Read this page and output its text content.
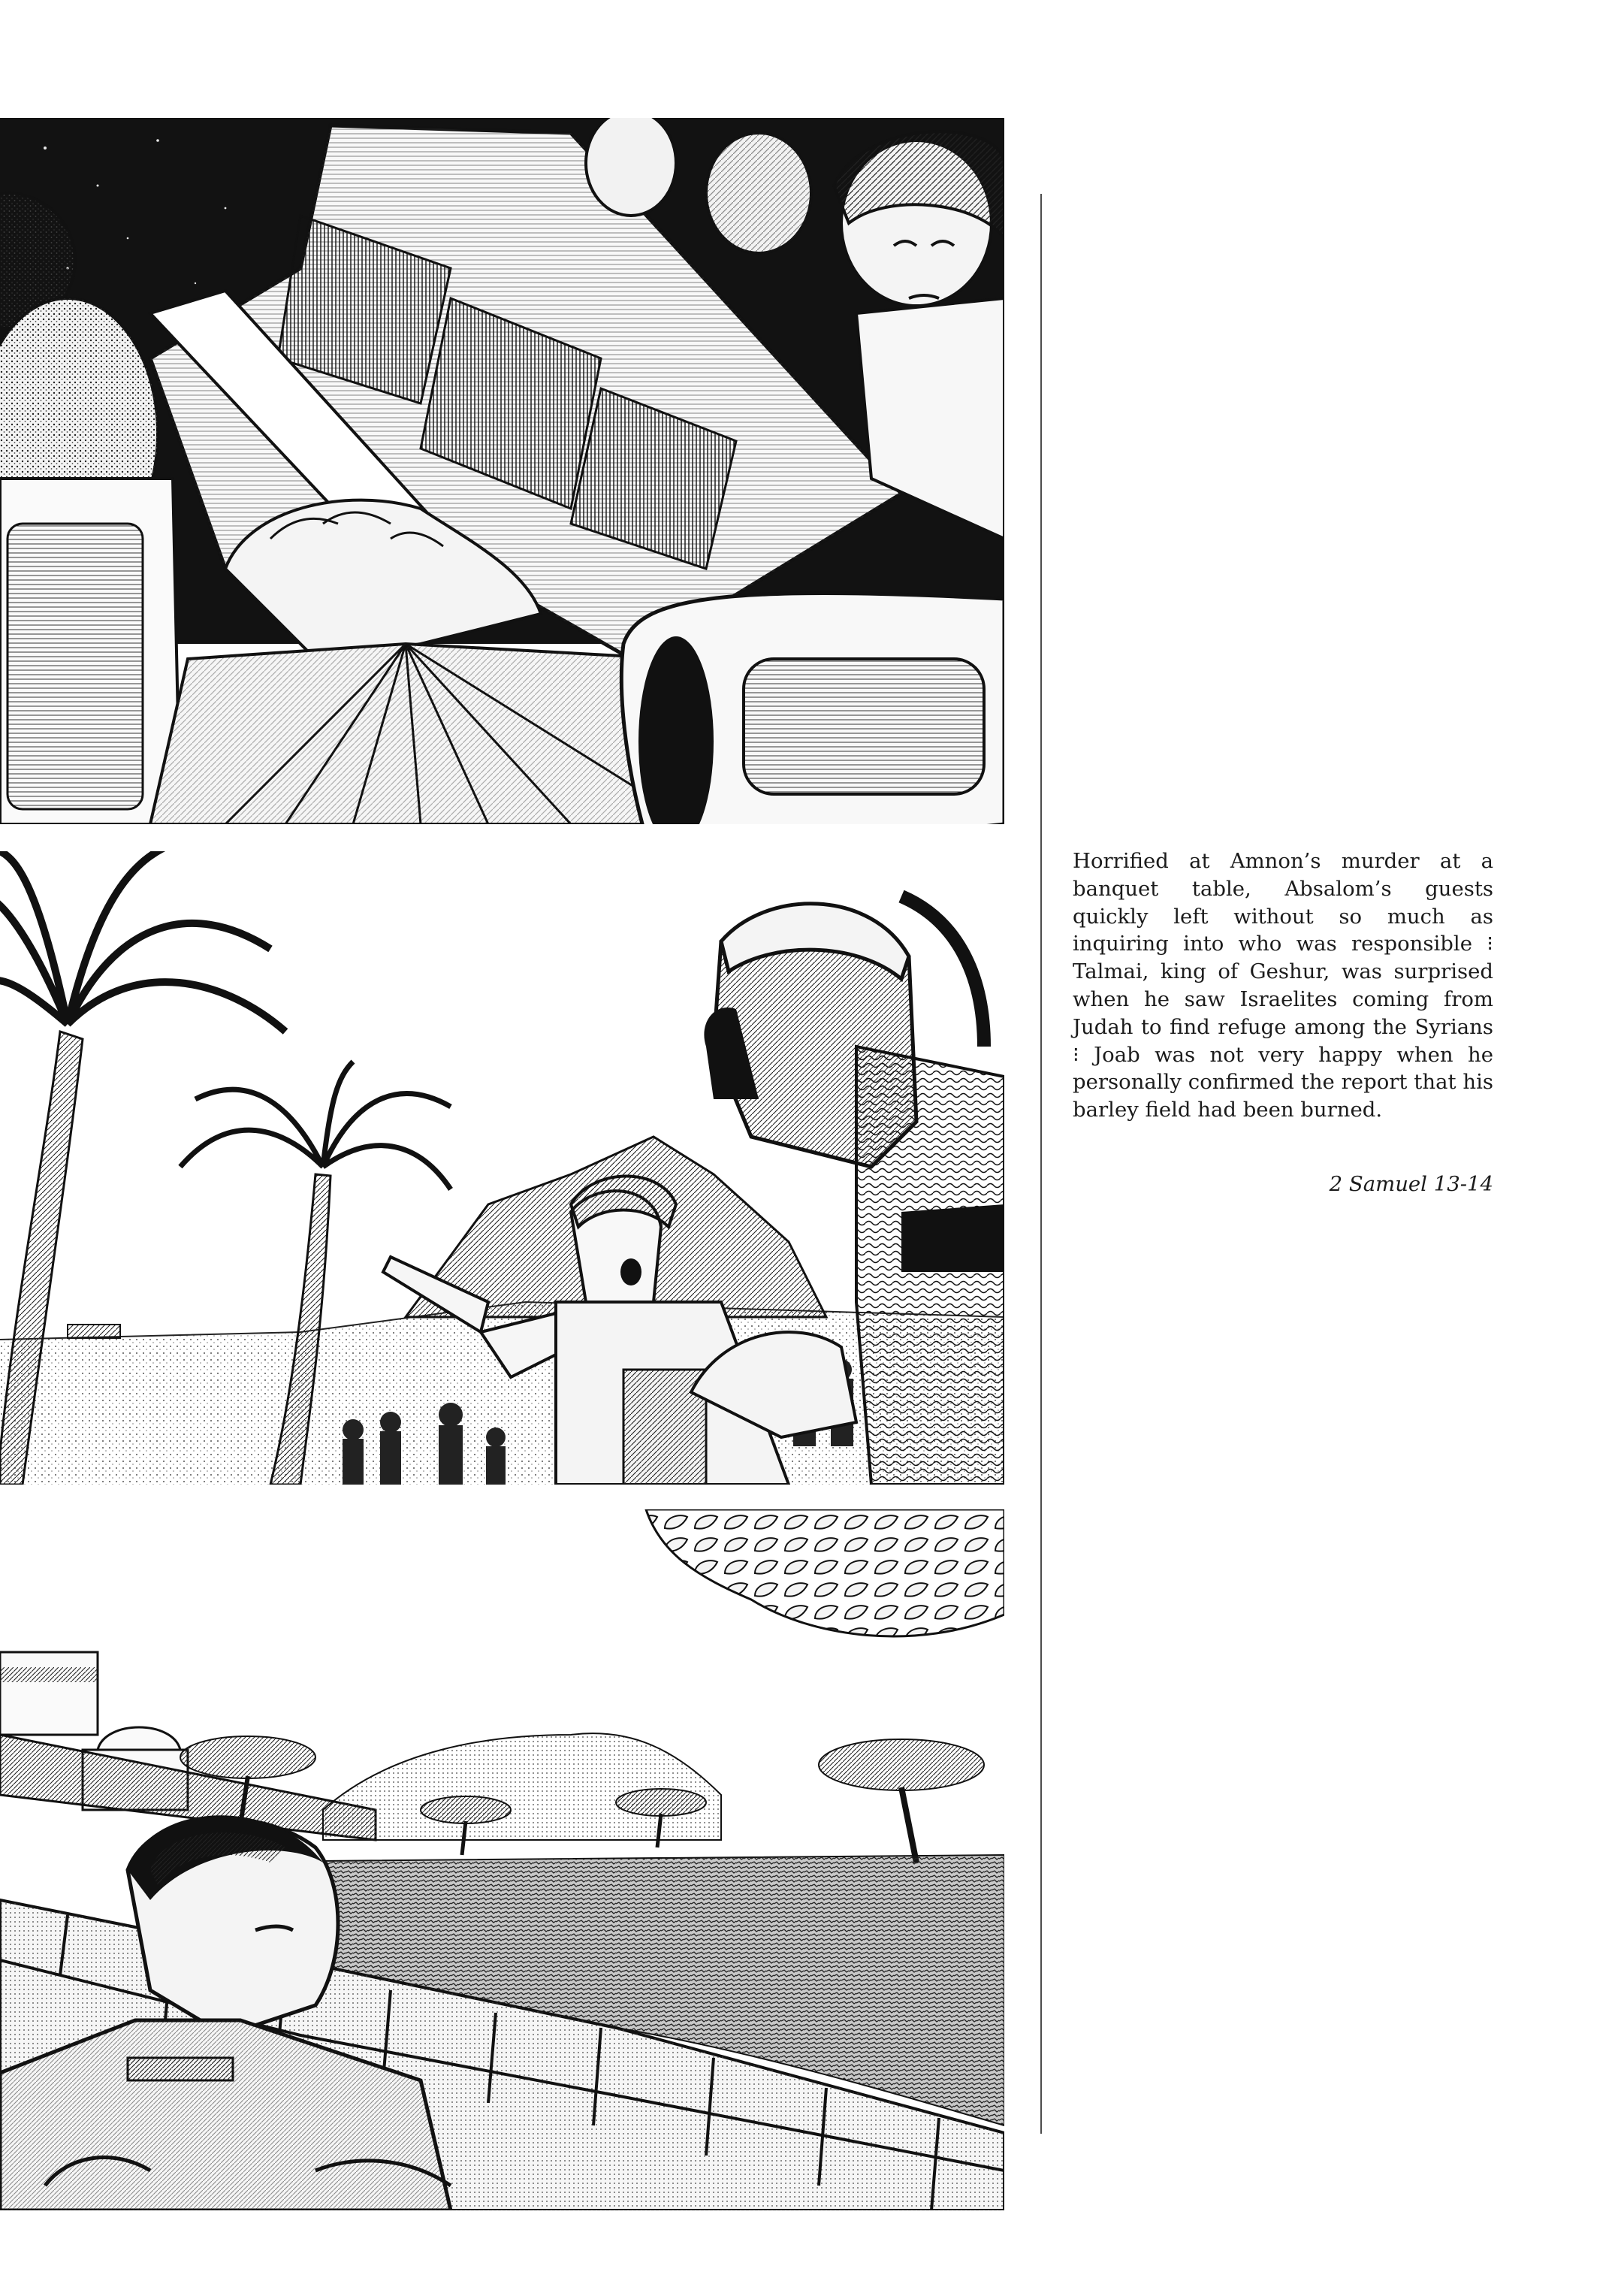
Horrified at Amnon’s murder at a banquet table, Absalom’s guests quickly left without so much as inquiring into who was responsible ⁝ Talmai, king of Geshur, was surprised when he saw Israelites coming from Judah to find refuge among the Syrians ⁝ Joab was not very happy when he personally confirmed the report that his barley field had been burned.

2 Samuel 13-14
